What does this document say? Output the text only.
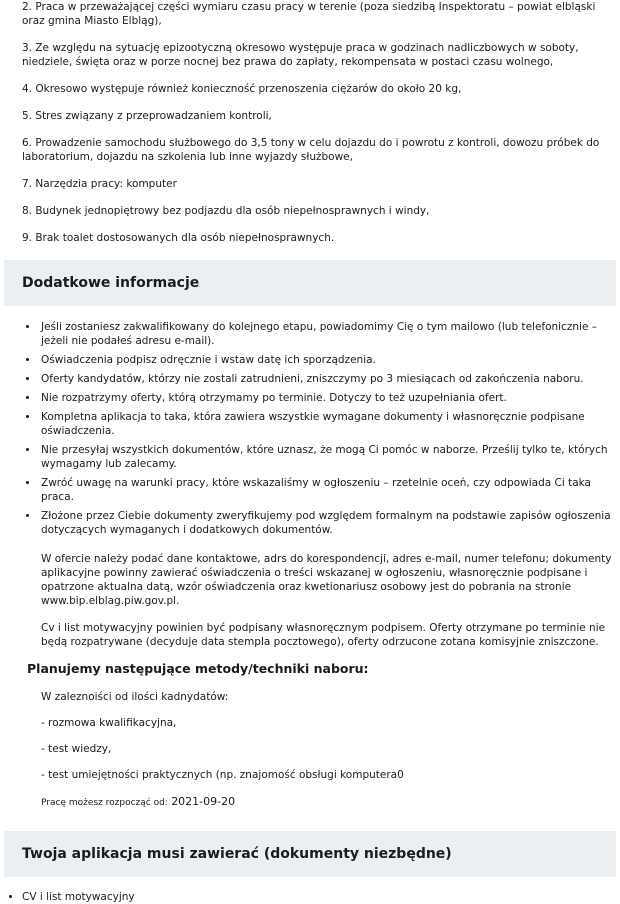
2. Praca w przeważającej części wymiaru czasu pracy w terenie (poza siedzibą Inspektoratu – powiat elbląski oraz gmina Miasto Elbląg),

3. Ze względu na sytuację epizootyczną okresowo występuje praca w godzinach nadliczbowych w soboty, niedziele, święta oraz w porze nocnej bez prawa do zapłaty, rekompensata w postaci czasu wolnego,

4. Okresowo występuje również konieczność przenoszenia ciężarów do około 20 kg,

5. Stres związany z przeprowadzaniem kontroli,

6. Prowadzenie samochodu służbowego do 3,5 tony w celu dojazdu do i powrotu z kontroli, dowozu próbek do laboratorium, dojazdu na szkolenia lub inne wyjazdy służbowe,

7. Narzędzia pracy: komputer

8. Budynek jednopiętrowy bez podjazdu dla osób niepełnosprawnych i windy,

9. Brak toalet dostosowanych dla osób niepełnosprawnych.

Dodatkowe informacje
• Jeśli zostaniesz zakwalifikowany do kolejnego etapu, powiadomimy Cię o tym mailowo (lub telefonicznie – jeżeli nie podałeś adresu e-mail).
• Oświadczenia podpisz odręcznie i wstaw datę ich sporządzenia.
• Oferty kandydatów, którzy nie zostali zatrudnieni, zniszczymy po 3 miesiącach od zakończenia naboru.
• Nie rozpatrzymy oferty, którą otrzymamy po terminie. Dotyczy to też uzupełniania ofert.
• Kompletna aplikacja to taka, która zawiera wszystkie wymagane dokumenty i własnoręcznie podpisane oświadczenia.
• Nie przesyłaj wszystkich dokumentów, które uznasz, że mogą Ci pomóc w naborze. Prześlij tylko te, których wymagamy lub zalecamy.
• Zwróć uwagę na warunki pracy, które wskazaliśmy w ogłoszeniu – rzetelnie oceń, czy odpowiada Ci taka praca.
• Złożone przez Ciebie dokumenty zweryfikujemy pod względem formalnym na podstawie zapisów ogłoszenia dotyczących wymaganych i dodatkowych dokumentów.

W ofercie należy podać dane kontaktowe, adrs do korespondencji, adres e-mail, numer telefonu; dokumenty aplikacyjne powinny zawierać oświadczenia o treści wskazanej w ogłoszeniu, własnoręcznie podpisane i opatrzone aktualna datą, wzór oświadczenia oraz kwetionariusz osobowy jest do pobrania na stronie www.bip.elblag.piw.gov.pl.

Cv i list motywacyjny powinien być podpisany własnoręcznym podpisem. Oferty otrzymane po terminie nie będą rozpatrywane (decyduje data stempla pocztowego), oferty odrzucone zotana komisyjnie zniszczone.

Planujemy następujące metody/techniki naboru:

W zaleznoiści od ilości kadnydatów:

- rozmowa kwalifikacyjna,

- test wiedzy,

- test umiejętności praktycznych (np. znajomość obsługi komputera0

Pracę możesz rozpocząć od: 2021-09-20
Twoja aplikacja musi zawierać (dokumenty niezbędne)
• CV i list motywacyjny
